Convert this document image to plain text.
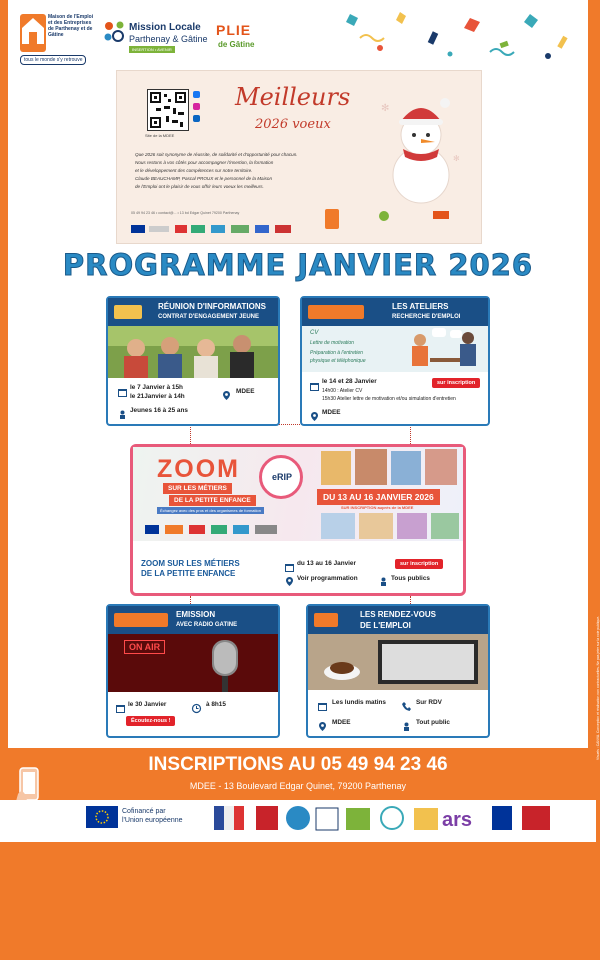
Maison de l'Emploi et des Entreprises de Parthenay et de Gâtine
tous le monde s'y retrouve
Mission Locale
Parthenay & Gâtine
INSERTION • AVENIR
PLIE
de Gâtine
Site de la MDEE
Meilleurs
2026 voeux
Que 2026 soit synonyme de réussite, de solidarité et d'opportunité pour chacun.
Nous restons à vos côtés pour accompagner l'insertion, la formation
et le développement des compétences sur notre territoire.
Claude BEAUCHAMP, Pascal PROUX et le personnel de la Maison
de l'Emploi ont le plaisir de vous offrir leurs voeux les meilleurs.
✻
✻
05 49 94 23 46 • contact@... • 13 bd Edgar Quinet 79200 Parthenay
PROGRAMME JANVIER 2026
RÉUNION D'INFORMATIONS
CONTRAT D'ENGAGEMENT JEUNE
le 7 Janvier à 15h
le 21Janvier à 14h
Jeunes 16 à 25 ans
MDEE
LES ATELIERS
RECHERCHE D'EMPLOI
CV
Lettre de motivation
Préparation à l'entretien
physique et téléphonique
le 14 et 28 Janvier	sur inscription
14h00 : Atelier CV
15h30 Atelier lettre de motivation et/ou simulation d'entretien
MDEE
ZOOM
SUR LES MÉTIERS
DE LA PETITE ENFANCE
Échangez avec des pros et des organismes de formation
eRIP
DU 13 AU 16 JANVIER 2026
SUR INSCRIPTION auprès de la MDEE
ZOOM SUR LES MÉTIERS
DE LA PETITE ENFANCE
du 13 au 16 Janvier	sur inscription
Voir programmation	Tous publics
EMISSION
AVEC RADIO GATINE
ON AIR
le 30 Janvier	à 8h15
Écoutez-nous !
LES RENDEZ-VOUS
DE L'EMPLOI
Les lundis matins	Sur RDV
MDEE	Tout public	Visuels : CANVA. Conception et réalisation non contractuelles. Ne pas jeter sur la voie publique.
INSCRIPTIONS AU 05 49 94 23 46
MDEE - 13 Boulevard Edgar Quinet, 79200 Parthenay
Cofinancé par
l'Union européenne	ars
